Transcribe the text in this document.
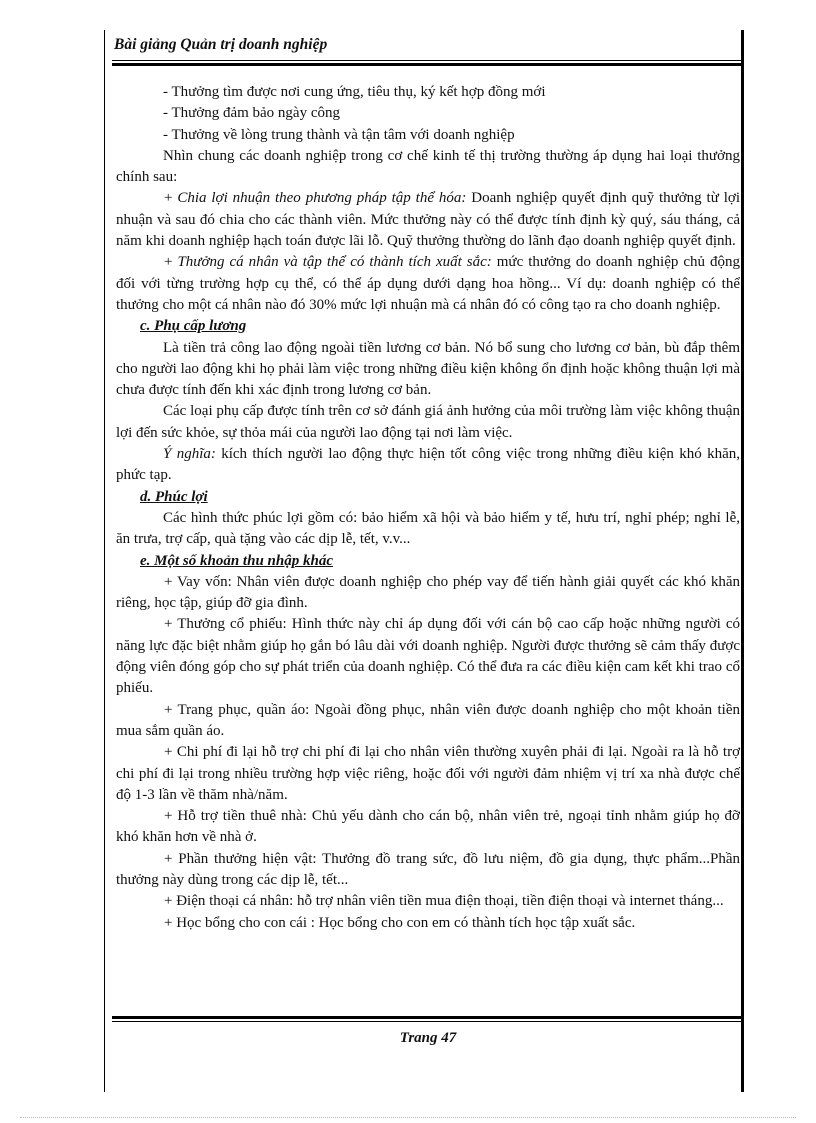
Bài giảng Quản trị doanh nghiệp

- Thưởng tìm được nơi cung ứng, tiêu thụ, ký kết hợp đồng mới

- Thưởng đảm bảo ngày công

- Thưởng về lòng trung thành và tận tâm với doanh nghiệp

Nhìn chung các doanh nghiệp trong cơ chế kinh tế thị trường thường áp dụng hai loại thưởng chính sau:

+ Chia lợi nhuận theo phương pháp tập thể hóa: Doanh nghiệp quyết định quỹ thưởng từ lợi nhuận và sau đó chia cho các thành viên. Mức thưởng này có thể được tính định kỳ quý, sáu tháng, cả năm khi doanh nghiệp hạch toán được lãi lỗ. Quỹ thưởng thường do lãnh đạo doanh nghiệp quyết định.

+ Thưởng cá nhân và tập thể có thành tích xuất sắc: mức thưởng do doanh nghiệp chủ động đối với từng trường hợp cụ thể, có thể áp dụng dưới dạng hoa hồng... Ví dụ: doanh nghiệp có thể thưởng cho một cá nhân nào đó 30% mức lợi nhuận mà cá nhân đó có công tạo ra cho doanh nghiệp.

c. Phụ cấp lương

Là tiền trả công lao động ngoài tiền lương cơ bản. Nó bổ sung cho lương cơ bản, bù đắp thêm cho người lao động khi họ phải làm việc trong những điều kiện không ổn định hoặc không thuận lợi mà chưa được tính đến khi xác định trong lương cơ bản.

Các loại phụ cấp được tính trên cơ sở đánh giá ảnh hưởng của môi trường làm việc không thuận lợi đến sức khỏe, sự thỏa mái của người lao động tại nơi làm việc.

Ý nghĩa: kích thích người lao động thực hiện tốt công việc trong những điều kiện khó khăn, phức tạp.

d. Phúc lợi

Các hình thức phúc lợi gồm có: bảo hiểm xã hội và bảo hiểm y tế, hưu trí, nghỉ phép; nghỉ lễ, ăn trưa, trợ cấp, quà tặng vào các dịp lễ, tết, v.v...

e. Một số khoản thu nhập khác

+ Vay vốn: Nhân viên được doanh nghiệp cho phép vay để tiến hành giải quyết các khó khăn riêng, học tập, giúp đỡ gia đình.

+ Thưởng cổ phiếu: Hình thức này chỉ áp dụng đối với cán bộ cao cấp hoặc những người có năng lực đặc biệt nhằm giúp họ gắn bó lâu dài với doanh nghiệp. Người được thưởng sẽ cảm thấy được động viên đóng góp cho sự phát triển của doanh nghiệp. Có thể đưa ra các điều kiện cam kết khi trao cổ phiếu.

+ Trang phục, quần áo: Ngoài đồng phục, nhân viên được doanh nghiệp cho một khoản tiền mua sắm quần áo.

+ Chi phí đi lại hỗ trợ chi phí đi lại cho nhân viên thường xuyên phải đi lại. Ngoài ra là hỗ trợ chi phí đi lại trong nhiều trường hợp việc riêng, hoặc đối với người đảm nhiệm vị trí xa nhà được chế độ 1-3 lần về thăm nhà/năm.

+ Hỗ trợ tiền thuê nhà: Chủ yếu dành cho cán bộ, nhân viên trẻ, ngoại tỉnh nhằm giúp họ đỡ khó khăn hơn về nhà ở.

+ Phần thưởng hiện vật: Thưởng đồ trang sức, đồ lưu niệm, đồ gia dụng, thực phẩm...Phần thưởng này dùng trong các dịp lễ, tết...

+ Điện thoại cá nhân: hỗ trợ nhân viên tiền mua điện thoại, tiền điện thoại và internet tháng...

+ Học bổng cho con cái : Học bổng cho con em có thành tích học tập xuất sắc.

Trang 47
